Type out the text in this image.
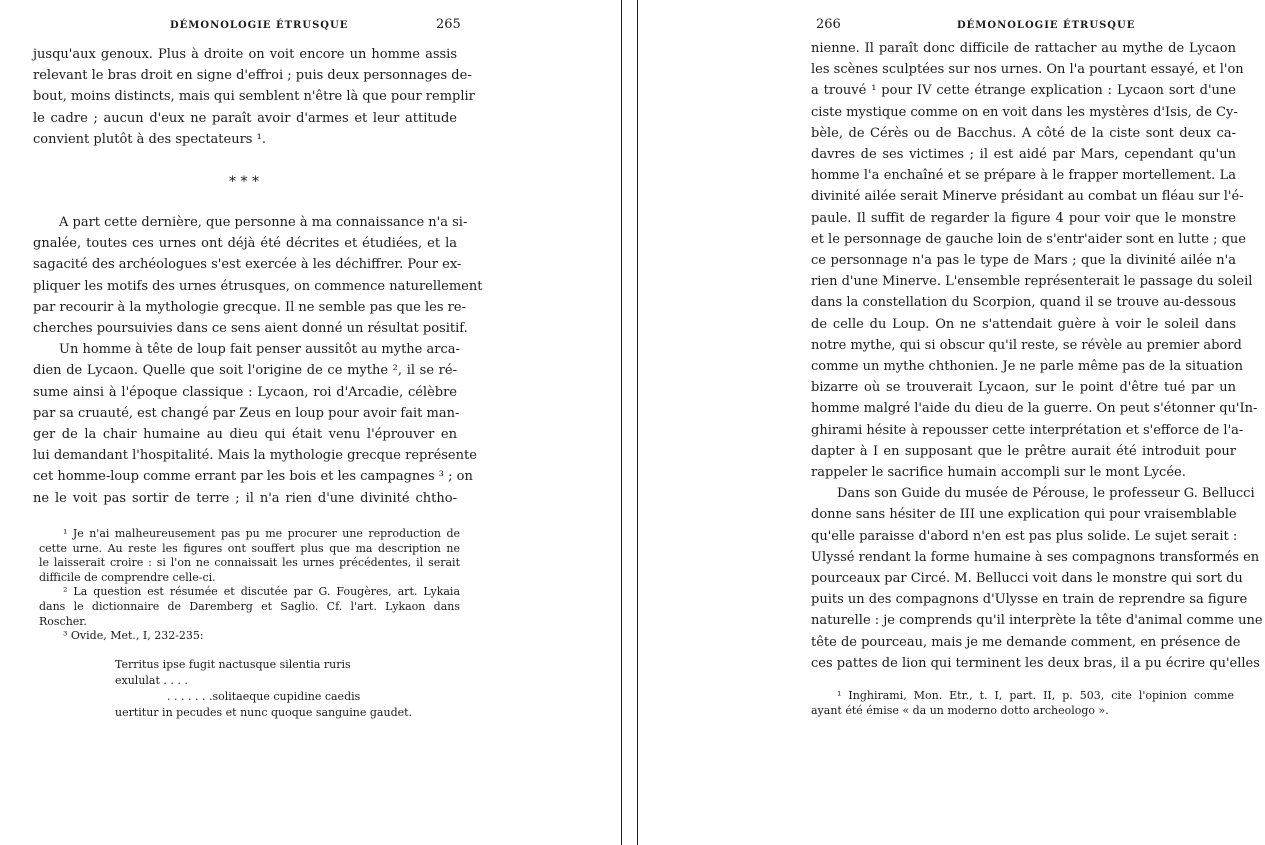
DÉMONOLOGIE ÉTRUSQUE	265
jusqu'aux genoux. Plus à droite on voit encore un homme assis
relevant le bras droit en signe d'effroi ; puis deux personnages de-
bout, moins distincts, mais qui semblent n'être là que pour remplir
le cadre ; aucun d'eux ne paraît avoir d'armes et leur attitude
convient plutôt à des spectateurs ¹.
* * *
A part cette dernière, que personne à ma connaissance n'a si-
gnalée, toutes ces urnes ont déjà été décrites et étudiées, et la
sagacité des archéologues s'est exercée à les déchiffrer. Pour ex-
pliquer les motifs des urnes étrusques, on commence naturellement
par recourir à la mythologie grecque. Il ne semble pas que les re-
cherches poursuivies dans ce sens aient donné un résultat positif.
Un homme à tête de loup fait penser aussitôt au mythe arca-
dien de Lycaon. Quelle que soit l'origine de ce mythe ², il se ré-
sume ainsi à l'époque classique : Lycaon, roi d'Arcadie, célèbre
par sa cruauté, est changé par Zeus en loup pour avoir fait man-
ger de la chair humaine au dieu qui était venu l'éprouver en
lui demandant l'hospitalité. Mais la mythologie grecque représente
cet homme-loup comme errant par les bois et les campagnes ³ ; on
ne le voit pas sortir de terre ; il n'a rien d'une divinité chtho-
¹ Je n'ai malheureusement pas pu me procurer une reproduction de
cette urne. Au reste les figures ont souffert plus que ma description ne
le laisserait croire : si l'on ne connaissait les urnes précédentes, il serait
difficile de comprendre celle-ci.
² La question est résumée et discutée par G. Fougères, art. Lykaia
dans le dictionnaire de Daremberg et Saglio. Cf. l'art. Lykaon dans
Roscher.
³ Ovide, Met., I, 232-235:
Territus ipse fugit nactusque silentia ruris
exululat . . . .
. . . . . . .solitaeque cupidine caedis
uertitur in pecudes et nunc quoque sanguine gaudet.
266	DÉMONOLOGIE ÉTRUSQUE
nienne. Il paraît donc difficile de rattacher au mythe de Lycaon
les scènes sculptées sur nos urnes. On l'a pourtant essayé, et l'on
a trouvé ¹ pour IV cette étrange explication : Lycaon sort d'une
ciste mystique comme on en voit dans les mystères d'Isis, de Cy-
bèle, de Cérès ou de Bacchus. A côté de la ciste sont deux ca-
davres de ses victimes ; il est aidé par Mars, cependant qu'un
homme l'a enchaîné et se prépare à le frapper mortellement. La
divinité ailée serait Minerve présidant au combat un fléau sur l'é-
paule. Il suffit de regarder la figure 4 pour voir que le monstre
et le personnage de gauche loin de s'entr'aider sont en lutte ; que
ce personnage n'a pas le type de Mars ; que la divinité ailée n'a
rien d'une Minerve. L'ensemble représenterait le passage du soleil
dans la constellation du Scorpion, quand il se trouve au-dessous
de celle du Loup. On ne s'attendait guère à voir le soleil dans
notre mythe, qui si obscur qu'il reste, se révèle au premier abord
comme un mythe chthonien. Je ne parle même pas de la situation
bizarre où se trouverait Lycaon, sur le point d'être tué par un
homme malgré l'aide du dieu de la guerre. On peut s'étonner qu'In-
ghirami hésite à repousser cette interprétation et s'efforce de l'a-
dapter à I en supposant que le prêtre aurait été introduit pour
rappeler le sacrifice humain accompli sur le mont Lycée.
Dans son Guide du musée de Pérouse, le professeur G. Bellucci
donne sans hésiter de III une explication qui pour vraisemblable
qu'elle paraisse d'abord n'en est pas plus solide. Le sujet serait :
Ulyssé rendant la forme humaine à ses compagnons transformés en
pourceaux par Circé. M. Bellucci voit dans le monstre qui sort du
puits un des compagnons d'Ulysse en train de reprendre sa figure
naturelle : je comprends qu'il interprète la tête d'animal comme une
tête de pourceau, mais je me demande comment, en présence de
ces pattes de lion qui terminent les deux bras, il a pu écrire qu'elles
¹ Inghirami, Mon. Etr., t. I, part. II, p. 503, cite l'opinion comme
ayant été émise « da un moderno dotto archeologo ».
